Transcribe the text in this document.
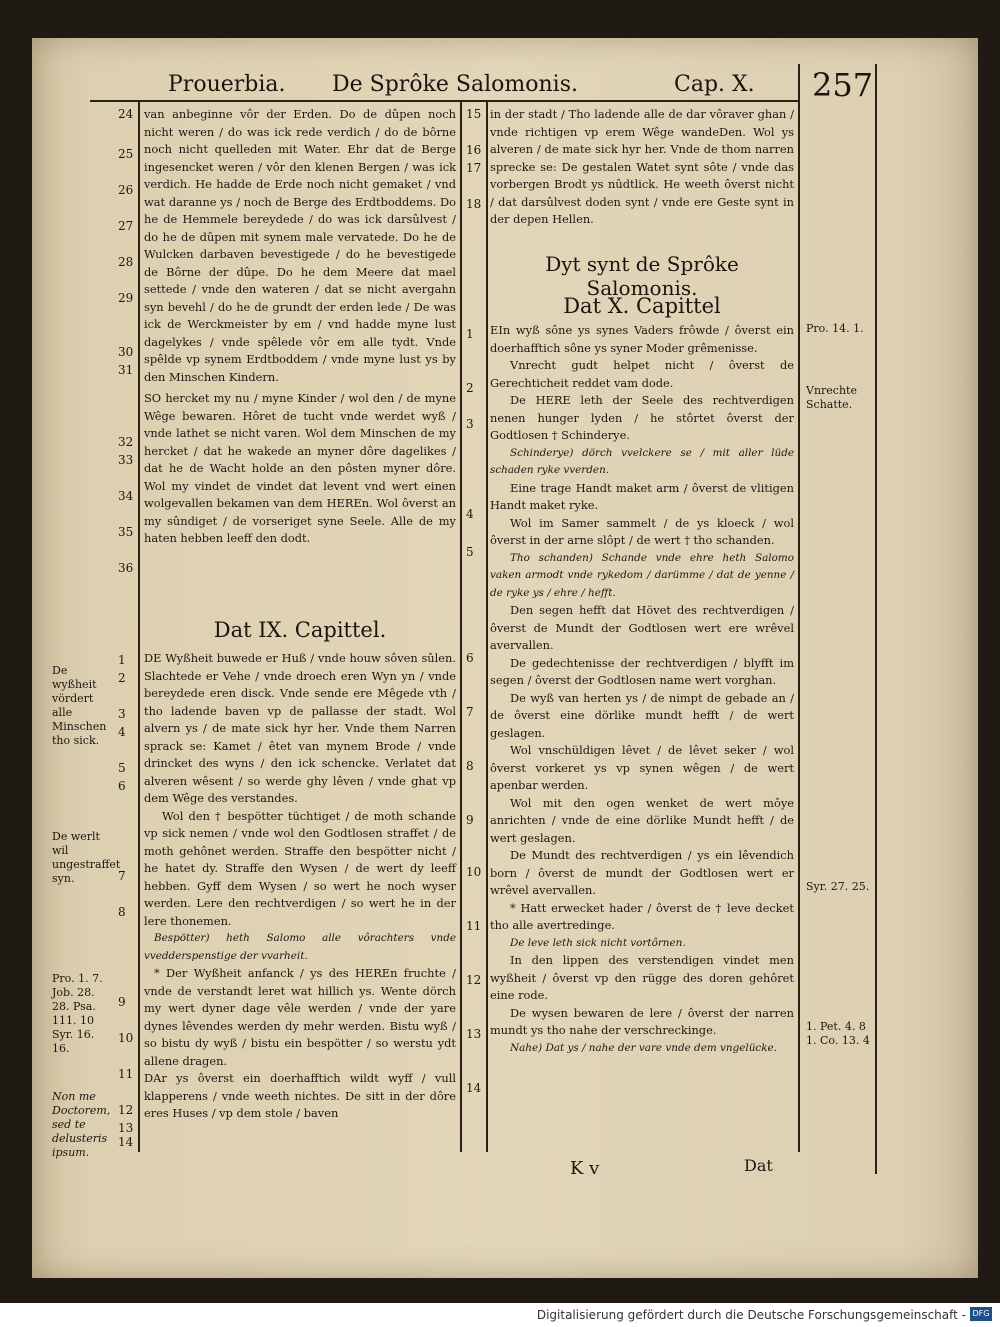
Prouerbia. De Sprôke Salomonis.	Cap. X. 257
24
25
26
27
28
29
30
31
32
33
34
35
36
1
2
3
4
5
6
7
8
9
10
11
12
13
14

van anbeginne vôr der Erden. Do de dûpen noch nicht weren / do was ick rede verdich / do de bôrne noch nicht quelleden mit Water. Ehr dat de Berge ingesencket weren / vôr den klenen Bergen / was ick verdich. He hadde de Erde noch nicht gemaket / vnd wat daranne ys / noch de Berge des Erdtboddems. Do he de Hemmele bereydede / do was ick darsûlvest / do he de dûpen mit synem male vervatede. Do he de Wulcken darbaven bevestigede / do he bevestigede de Bôrne der dûpe. Do he dem Meere dat mael settede / vnde den wateren / dat se nicht avergahn syn bevehl / do he de grundt der erden lede / De was ick de Werckmeister by em / vnd hadde myne lust dagelykes / vnde spêlede vôr em alle tydt. Vnde spêlde vp synem Erdtboddem / vnde myne lust ys by den Minschen Kindern.

SO hercket my nu / myne Kinder / wol den / de myne Wêge bewaren. Hôret de tucht vnde werdet wyß / vnde lathet se nicht varen. Wol dem Minschen de my hercket / dat he wakede an myner dôre dagelikes / dat he de Wacht holde an den pôsten myner dôre. Wol my vindet de vindet dat levent vnd wert einen wolgevallen bekamen van dem HEREn. Wol ôverst an my sûndiget / de vorseriget syne Seele. Alle de my haten hebben leeff den dodt.

Dat IX. Capittel.

DE Wyßheit buwede er Huß / vnde houw sôven sûlen. Slachtede er Vehe / vnde droech eren Wyn yn / vnde bereydede eren disck. Vnde sende ere Mêgede vth / tho ladende baven vp de pallasse der stadt. Wol alvern ys / de mate sick hyr her. Vnde them Narren sprack se: Kamet / êtet van mynem Brode / vnde drincket des wyns / den ick schencke. Verlatet dat alveren wêsent / so werde ghy lêven / vnde ghat vp dem Wêge des verstandes.

Wol den † bespötter tüchtiget / de moth schande vp sick nemen / vnde wol den Godtlosen straffet / de moth gehônet werden. Straffe den bespötter nicht / he hatet dy. Straffe den Wysen / de wert dy leeff hebben. Gyff dem Wysen / so wert he noch wyser werden. Lere den rechtverdigen / so wert he in der lere thonemen.

Bespötter) heth Salomo alle vôrachters vnde vvedderspenstige der vvarheit.

* Der Wyßheit anfanck / ys des HEREn fruchte / vnde de verstandt leret wat hillich ys. Wente dörch my wert dyner dage vêle werden / vnde der yare dynes lêvendes werden dy mehr werden. Bistu wyß / so bistu dy wyß / bistu ein bespötter / so werstu ydt allene dragen.

DAr ys ôverst ein doerhafftich wildt wyff / vull klapperens / vnde weeth nichtes. De sitt in der dôre eres Huses / vp dem stole / baven

15
16
17
18
1
2
3
4
5
6
7
8
9
10
11
12
13
14

in der stadt / Tho ladende alle de dar vôraver ghan / vnde richtigen vp erem Wêge wandeDen. Wol ys alveren / de mate sick hyr her. Vnde de thom narren sprecke se: De gestalen Watet synt sôte / vnde das vorbergen Brodt ys nûdtlick. He weeth ôverst nicht / dat darsûlvest doden synt / vnde ere Geste synt in der depen Hellen.

Dyt synt de Sprôke Salomonis.
Dat X. Capittel

EIn wyß sône ys synes Vaders frôwde / ôverst ein doerhafftich sône ys syner Moder grêmenisse.

Vnrecht gudt helpet nicht / ôverst de Gerechticheit reddet vam dode.

De HERE leth der Seele des rechtverdigen nenen hunger lyden / he stôrtet ôverst der Godtlosen † Schinderye.

Schinderye) dörch vvelckere se / mit aller lüde schaden ryke vverden.

Eine trage Handt maket arm / ôverst de vlitigen Handt maket ryke.

Wol im Samer sammelt / de ys kloeck / wol ôverst in der arne slôpt / de wert † tho schanden.

Tho schanden) Schande vnde ehre heth Salomo vaken armodt vnde rykedom / darümme / dat de yenne / de ryke ys / ehre / hefft.

Den segen hefft dat Hövet des rechtverdigen / ôverst de Mundt der Godtlosen wert ere wrêvel avervallen.

De gedechtenisse der rechtverdigen / blyfft im segen / ôverst der Godtlosen name wert vorghan.

De wyß van herten ys / de nimpt de gebade an / de ôverst eine dörlike mundt hefft / de wert geslagen.

Wol vnschüldigen lêvet / de lêvet seker / wol ôverst vorkeret ys vp synen wêgen / de wert apenbar werden.

Wol mit den ogen wenket de wert môye anrichten / vnde de eine dörlike Mundt hefft / de wert geslagen.

De Mundt des rechtverdigen / ys ein lêvendich born / ôverst de mundt der Godtlosen wert er wrêvel avervallen.

* Hatt erwecket hader / ôverst de † leve decket tho alle avertredinge.

De leve leth sick nicht vortôrnen.

In den lippen des verstendigen vindet men wyßheit / ôverst vp den rügge des doren gehôret eine rode.

De wysen bewaren de lere / ôverst der narren mundt ys tho nahe der verschreckinge.

Nahe) Dat ys / nahe der vare vnde dem vngelücke.

De wyßheit vördert alle Minschen tho sick.
De werlt wil ungestraffet syn.
Pro. 1. 7. Job. 28. 28. Psa. 111. 10 Syr. 16. 16.
Non me Doctorem, sed te delusteris ipsum.
Pro. 14. 1.
Vnrechte Schatte.
Syr. 27. 25.
1. Pet. 4. 8 1. Co. 13. 4
K v	Dat
Digitalisierung gefördert durch die Deutsche Forschungsgemeinschaft - DFG
